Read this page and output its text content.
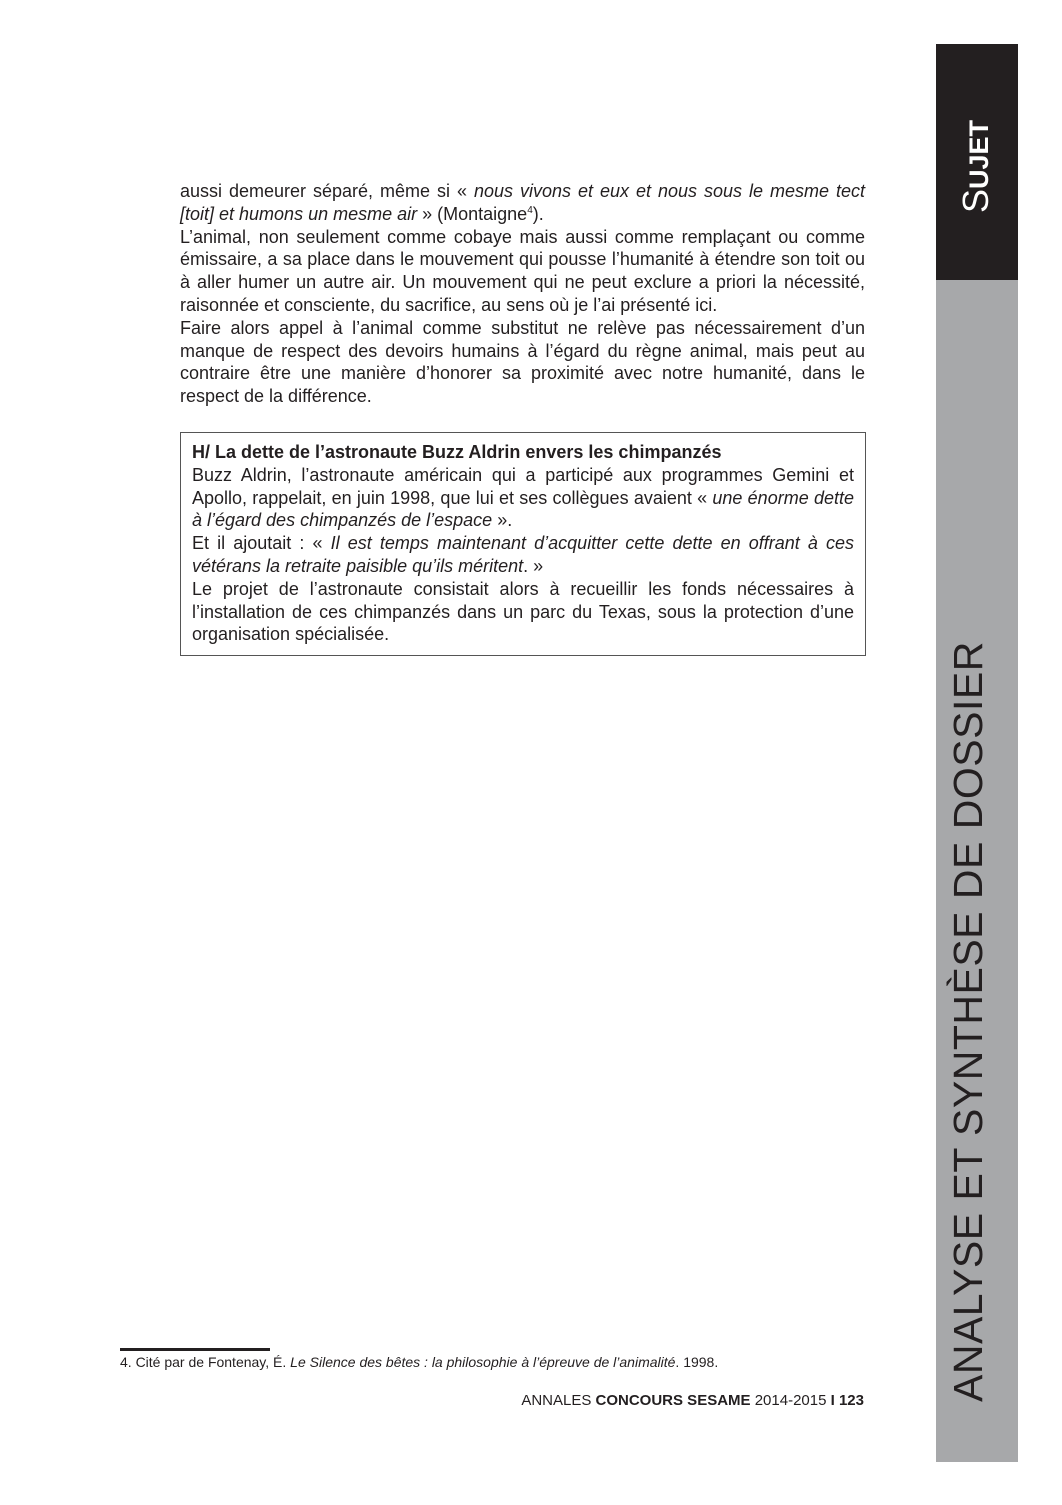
aussi demeurer séparé, même si « nous vivons et eux et nous sous le mesme tect [toit] et humons un mesme air » (Montaigne$^4$).

L’animal, non seulement comme cobaye mais aussi comme remplaçant ou comme émissaire, a sa place dans le mouvement qui pousse l’humanité à étendre son toit ou à aller humer un autre air. Un mouvement qui ne peut exclure a priori la nécessité, raisonnée et consciente, du sacrifice, au sens où je l’ai présenté ici.

Faire alors appel à l’animal comme substitut ne relève pas nécessairement d’un manque de respect des devoirs humains à l’égard du règne animal, mais peut au contraire être une manière d’honorer sa proximité avec notre humanité, dans le respect de la différence.

H/ La dette de l’astronaute Buzz Aldrin envers les chimpanzés

Buzz Aldrin, l’astronaute américain qui a participé aux programmes Gemini et Apollo, rappelait, en juin 1998, que lui et ses collègues avaient « une énorme dette à l’égard des chimpanzés de l’espace ».

Et il ajoutait : « Il est temps maintenant d’acquitter cette dette en offrant à ces vétérans la retraite paisible qu’ils méritent. »

Le projet de l’astronaute consistait alors à recueillir les fonds nécessaires à l’installation de ces chimpanzés dans un parc du Texas, sous la protection d’une organisation spécialisée.

4. Cité par de Fontenay, É. Le Silence des bêtes : la philosophie à l’épreuve de l’animalité. 1998.
ANNALES CONCOURS SESAME 2014-2015 I 123
SUJET
ANALYSE ET SYNTHÈSE DE DOSSIER
